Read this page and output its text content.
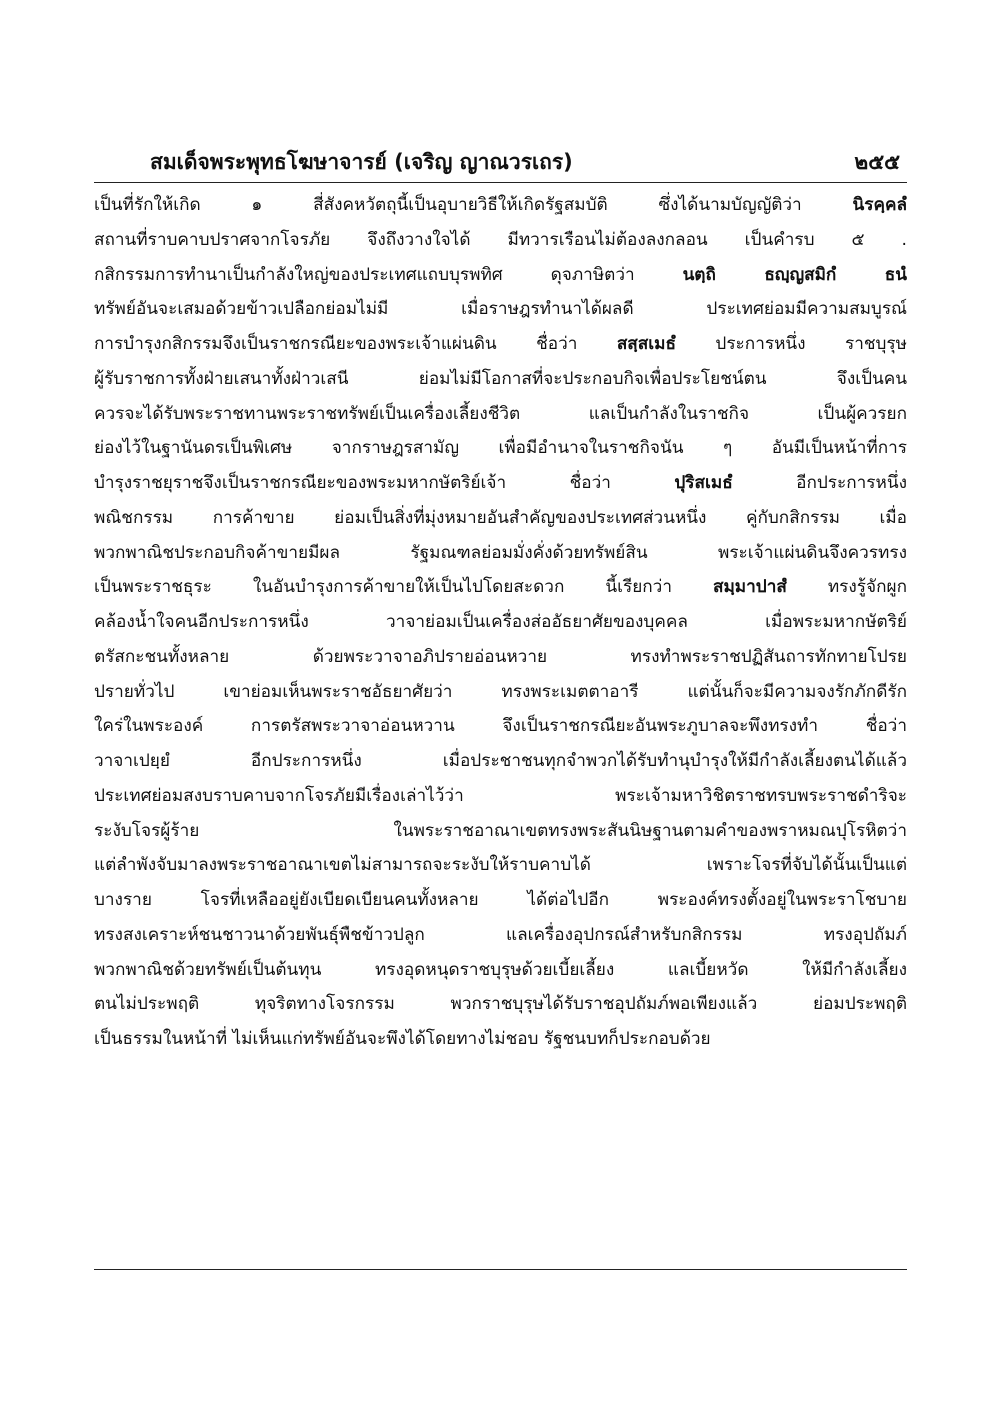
สมเด็จพระพุทธโฆษาจารย์ (เจริญ ญาณวรเถร)	๒๕๕
เป็นที่รักให้เกิด ๑ สี่สังคหวัตถุนี้เป็นอุบายวิธีให้เกิดรัฐสมบัติ ซึ่งได้นามบัญญัติว่า นิรคฺคลํ
สถานที่ราบคาบปราศจากโจรภัย จึงถึงวางใจได้ มีทวารเรือนไม่ต้องลงกลอน เป็นคำรบ ๕ .
กสิกรรมการทำนาเป็นกำลังใหญ่ของประเทศแถบบุรพทิศ ดุจภาษิตว่า นตฺถิ ธญฺญสมิกํ ธนํ
ทรัพย์อันจะเสมอด้วยข้าวเปลือกย่อมไม่มี เมื่อราษฎรทำนาได้ผลดี ประเทศย่อมมีความสมบูรณ์
การบำรุงกสิกรรมจึงเป็นราชกรณียะของพระเจ้าแผ่นดิน ชื่อว่า สสฺสเมธํ ประการหนึ่ง ราชบุรุษ
ผู้รับราชการทั้งฝ่ายเสนาทั้งฝ่าวเสนี ย่อมไม่มีโอกาสที่จะประกอบกิจเพื่อประโยชน์ตน จึงเป็นคน
ควรจะได้รับพระราชทานพระราชทรัพย์เป็นเครื่องเลี้ยงชีวิต แลเป็นกำลังในราชกิจ เป็นผู้ควรยก
ย่องไว้ในฐานันดรเป็นพิเศษ จากราษฎรสามัญ เพื่อมีอำนาจในราชกิจนัน ๆ อันมีเป็นหน้าที่การ
บำรุงราชยุราชจึงเป็นราชกรณียะของพระมหากษัตริย์เจ้า ชื่อว่า ปุริสเมธํ อีกประการหนึ่ง
พณิชกรรม การค้าขาย ย่อมเป็นสิ่งที่มุ่งหมายอันสำคัญของประเทศส่วนหนึ่ง คู่กับกสิกรรม เมื่อ
พวกพาณิชประกอบกิจค้าขายมีผล รัฐมณฑลย่อมมั่งคั่งด้วยทรัพย์สิน พระเจ้าแผ่นดินจึงควรทรง
เป็นพระราชธุระ ในอันบำรุงการค้าขายให้เป็นไปโดยสะดวก นี้เรียกว่า สมฺมาปาสํ ทรงรู้จักผูก
คล้องน้ำใจคนอีกประการหนึ่ง วาจาย่อมเป็นเครื่องส่ออัธยาศัยของบุคคล เมื่อพระมหากษัตริย์
ตรัสกะชนทั้งหลาย ด้วยพระวาจาอภิปรายอ่อนหวาย ทรงทำพระราชปฏิสันถารทักทายโปรย
ปรายทั่วไป เขาย่อมเห็นพระราชอัธยาศัยว่า ทรงพระเมตตาอารี แต่นั้นก็จะมีความจงรักภักดีรัก
ใคร่ในพระองค์ การตรัสพระวาจาอ่อนหวาน จึงเป็นราชกรณียะอันพระภูบาลจะพึงทรงทำ ชื่อว่า
วาจาเปยฺยํ อีกประการหนึ่ง เมื่อประชาชนทุกจำพวกได้รับทำนุบำรุงให้มีกำลังเลี้ยงตนได้แล้ว
ประเทศย่อมสงบราบคาบจากโจรภัยมีเรื่องเล่าไว้ว่า พระเจ้ามหาวิชิตราชทรบพระราชดำริจะ
ระงับโจรผู้ร้าย ในพระราชอาณาเขตทรงพระสันนิษฐานตามคำของพราหมณปุโรหิตว่า
แต่ลำพังจับมาลงพระราชอาณาเขตไม่สามารถจะระงับให้ราบคาบได้ เพราะโจรที่จับได้นั้นเป็นแต่
บางราย โจรที่เหลืออยู่ยังเบียดเบียนคนทั้งหลาย ได้ต่อไปอีก พระองค์ทรงตั้งอยู่ในพระราโชบาย
ทรงสงเคราะห์ชนชาวนาด้วยพันธุ์พืชข้าวปลูก แลเครื่องอุปกรณ์สำหรับกสิกรรม ทรงอุปถัมภ์
พวกพาณิชด้วยทรัพย์เป็นต้นทุน ทรงอุดหนุดราชบุรุษด้วยเบี้ยเลี้ยง แลเบี้ยหวัด ให้มีกำลังเลี้ยง
ตนไม่ประพฤติ ทุจริตทางโจรกรรม พวกราชบุรุษได้รับราชอุปถัมภ์พอเพียงแล้ว ย่อมประพฤติ
เป็นธรรมในหน้าที่ ไม่เห็นแก่ทรัพย์อันจะพึงได้โดยทางไม่ชอบ รัฐชนบทก็ประกอบด้วย
